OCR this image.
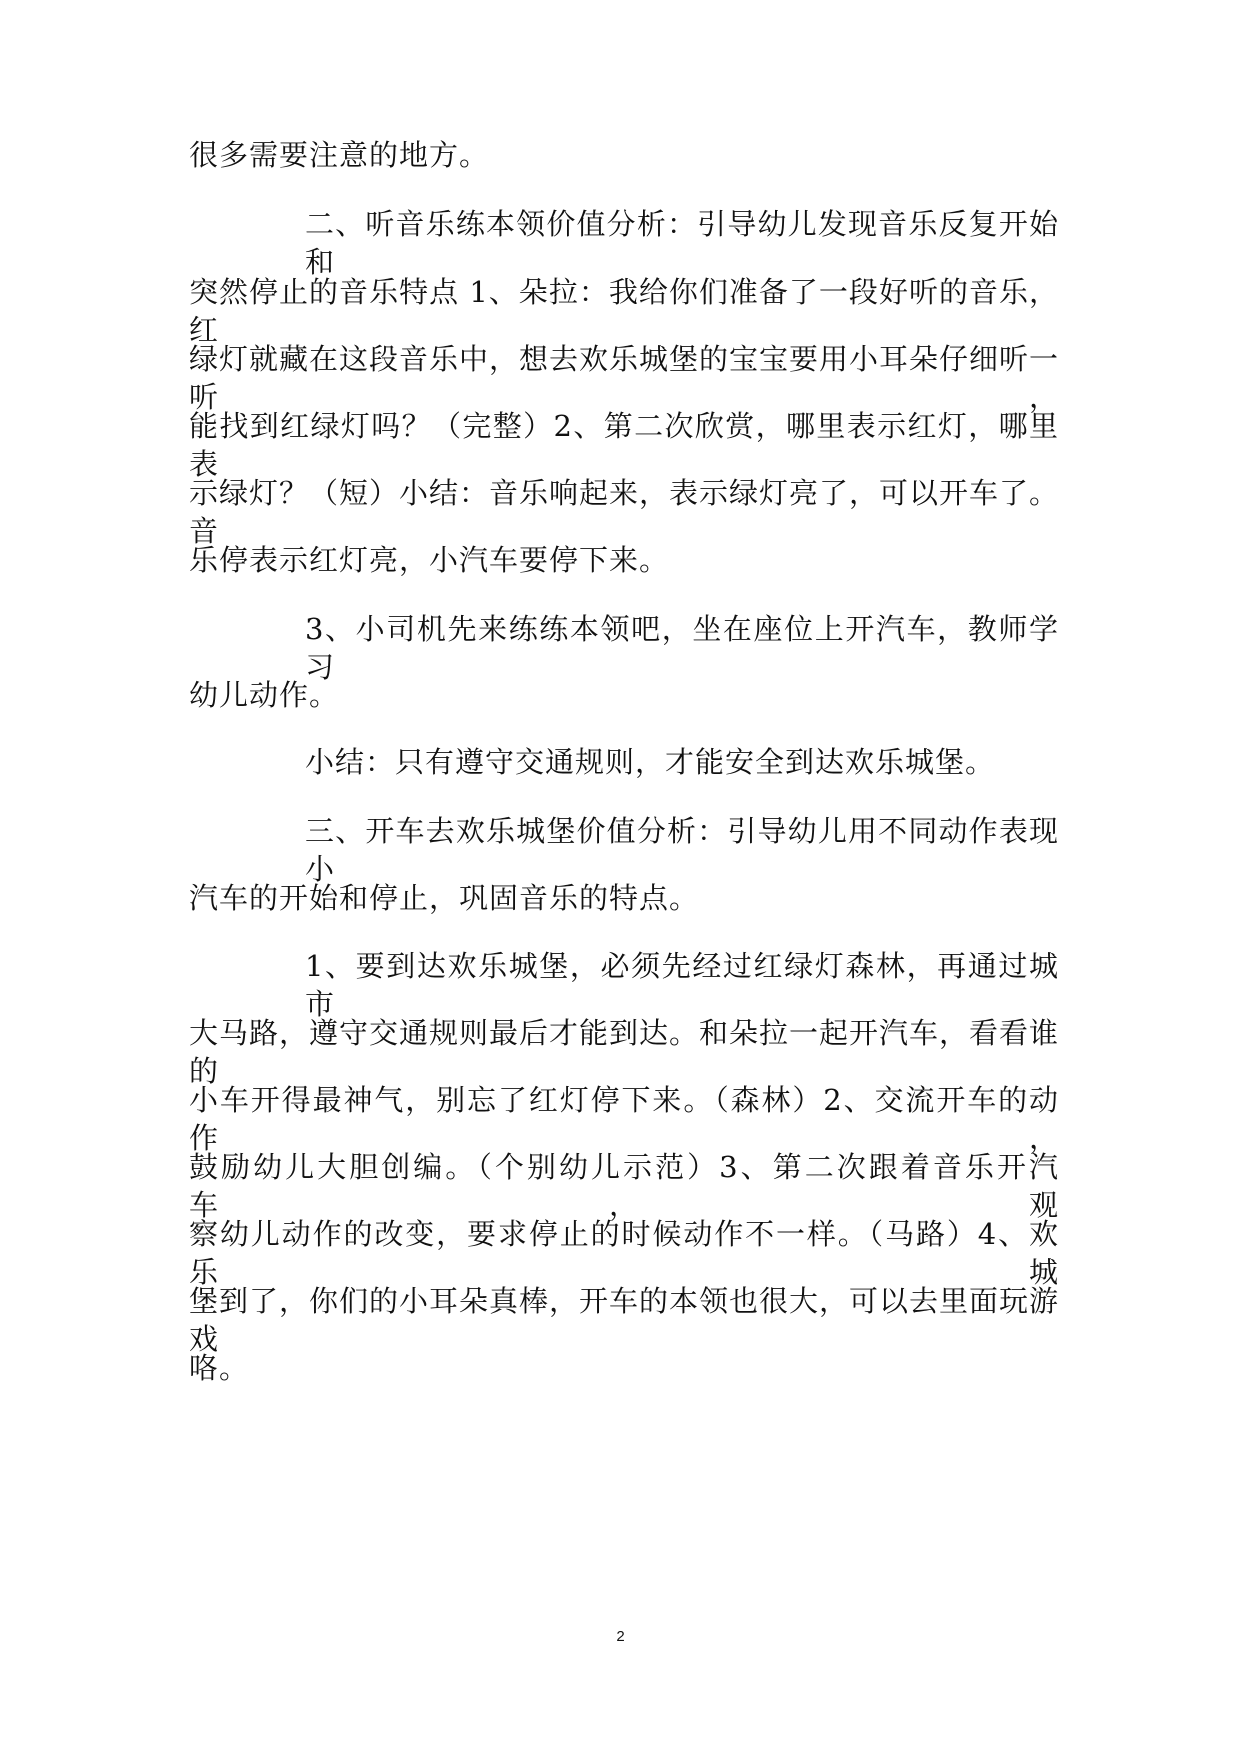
很多需要注意的地方。
二、听音乐练本领价值分析：引导幼儿发现音乐反复开始和
突然停止的音乐特点 1、朵拉：我给你们准备了一段好听的音乐，红
绿灯就藏在这段音乐中，想去欢乐城堡的宝宝要用小耳朵仔细听一听，
能找到红绿灯吗？（完整）2、第二次欣赏，哪里表示红灯，哪里表
示绿灯？（短）小结：音乐响起来，表示绿灯亮了，可以开车了。音
乐停表示红灯亮，小汽车要停下来。
3、小司机先来练练本领吧，坐在座位上开汽车，教师学习
幼儿动作。
小结：只有遵守交通规则，才能安全到达欢乐城堡。
三、开车去欢乐城堡价值分析：引导幼儿用不同动作表现小
汽车的开始和停止，巩固音乐的特点。
1、要到达欢乐城堡，必须先经过红绿灯森林，再通过城市
大马路，遵守交通规则最后才能到达。和朵拉一起开汽车，看看谁的
小车开得最神气，别忘了红灯停下来。（森林）2、交流开车的动作，
鼓励幼儿大胆创编。（个别幼儿示范）3、第二次跟着音乐开汽车，观
察幼儿动作的改变，要求停止的时候动作不一样。（马路）4、欢乐城
堡到了，你们的小耳朵真棒，开车的本领也很大，可以去里面玩游戏
咯。
2
